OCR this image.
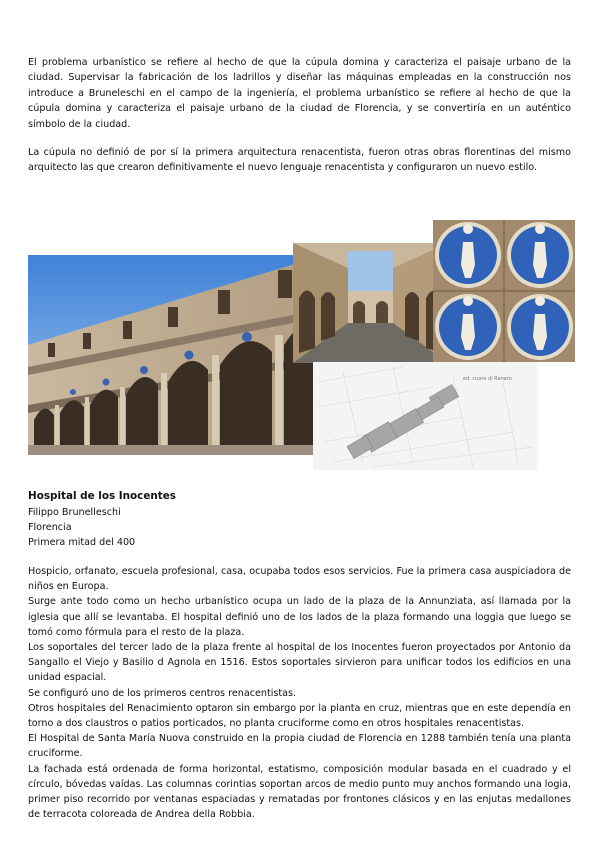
El problema urbanístico se refiere al hecho de que la cúpula domina y caracteriza el paisaje urbano de la ciudad. Supervisar la fabricación de los ladrillos y diseñar las máquinas empleadas en la construcción nos introduce a Bruneleschi en el campo de la ingeniería, el problema urbanístico se refiere al hecho de que la cúpula domina y caracteriza el paisaje urbano de la ciudad de Florencia, y se convertiría en un auténtico símbolo de la ciudad.

La cúpula no definió de por sí la primera arquitectura renacentista, fueron otras obras florentinas del mismo arquitecto las que crearon definitivamente el nuevo lenguaje renacentista y configuraron un nuevo estilo.

ed. cuore di Ranero

Hospital de los Inocentes

Filippo Brunelleschi

Florencia

Primera mitad del 400

Hospicio, orfanato, escuela profesional, casa, ocupaba todos esos servicios. Fue la primera casa auspiciadora de niños en Europa.

Surge ante todo como un hecho urbanístico ocupa un lado de la plaza de la Annunziata, así llamada por la iglesia que allí se levantaba. El hospital definió uno de los lados de la plaza formando una loggia que luego se tomó como fórmula para el resto de la plaza.

Los soportales del tercer lado de la plaza frente al hospital de los Inocentes fueron proyectados por Antonio da Sangallo el Viejo y Basilio d Agnola en 1516. Estos soportales sirvieron para unificar todos los edificios en una unidad espacial.

Se configuró uno de los primeros centros renacentistas.

Otros hospitales del Renacimiento optaron sin embargo por la planta en cruz, mientras que en este dependía en torno a dos claustros o patios porticados, no planta cruciforme como en otros hospitales renacentistas.

El Hospital de Santa María Nuova construido en la propia ciudad de Florencia en 1288 también tenía una planta cruciforme.

La fachada está ordenada de forma horizontal, estatismo, composición modular basada en el cuadrado y el círculo, bóvedas vaídas. Las columnas corintias soportan arcos de medio punto muy anchos formando una logia, primer piso recorrido por ventanas espaciadas y rematadas por frontones clásicos y en las enjutas medallones de terracota coloreada de Andrea della Robbia.
